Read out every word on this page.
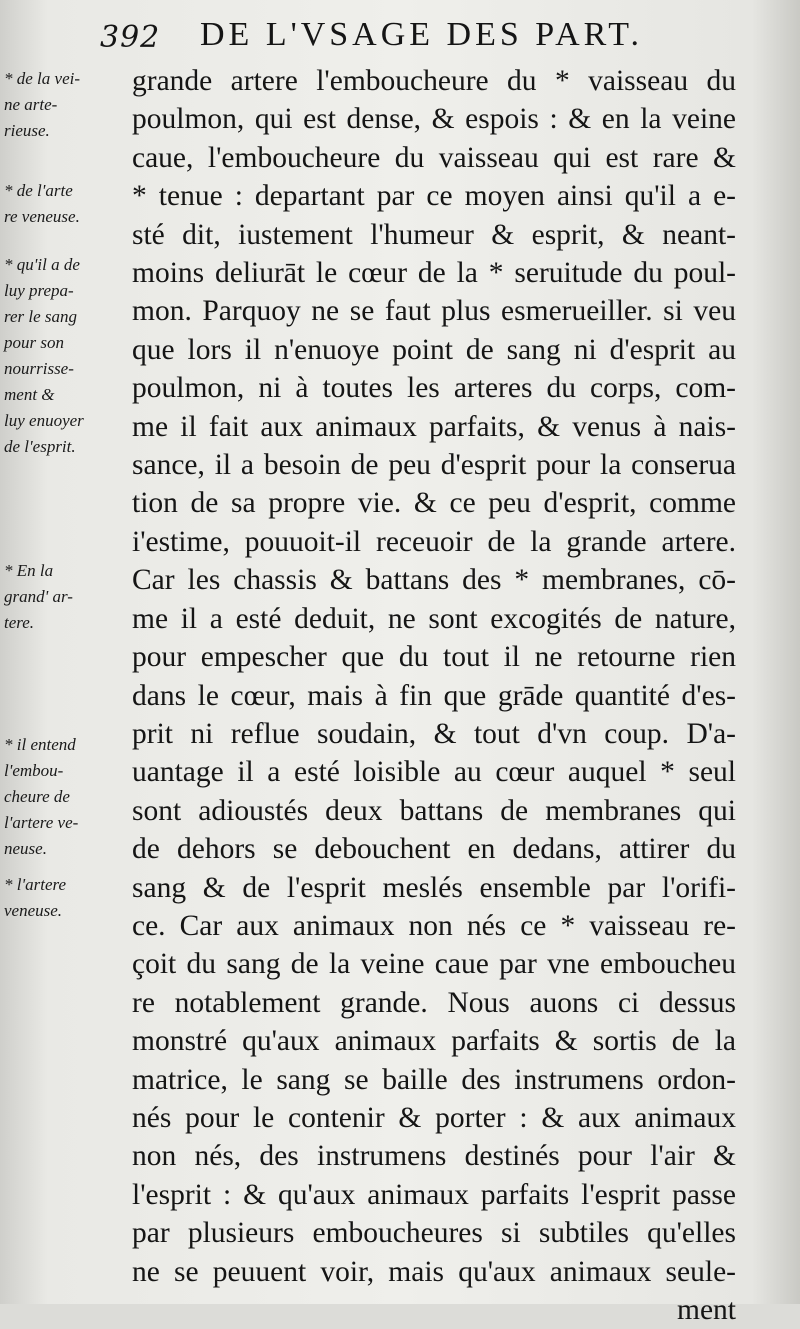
392 DE L'VSAGE DES PART.
* de la vei-
ne arte-
rieuse.
* de l'arte
re veneuse.
* qu'il a de
luy prepa-
rer le sang
pour son
nourrisse-
ment &
luy enuoyer
de l'esprit.
* En la
grand' ar-
tere.
* il entend
l'embou-
cheure de
l'artere ve-
neuse.
* l'artere
veneuse.
grande artere l'emboucheure du * vaisseau du
poulmon, qui est dense, & espois : & en la veine
caue, l'emboucheure du vaisseau qui est rare &
* tenue : departant par ce moyen ainsi qu'il a e-
sté dit, iustement l'humeur & esprit, & neant-
moins deliurāt le cœur de la * seruitude du poul-
mon. Parquoy ne se faut plus esmerueiller. si veu
que lors il n'enuoye point de sang ni d'esprit au
poulmon, ni à toutes les arteres du corps, com-
me il fait aux animaux parfaits, & venus à nais-
sance, il a besoin de peu d'esprit pour la conserua
tion de sa propre vie. & ce peu d'esprit, comme
i'estime, pouuoit-il receuoir de la grande artere.
Car les chassis & battans des * membranes, cō-
me il a esté deduit, ne sont excogités de nature,
pour empescher que du tout il ne retourne rien
dans le cœur, mais à fin que grāde quantité d'es-
prit ni reflue soudain, & tout d'vn coup. D'a-
uantage il a esté loisible au cœur auquel * seul
sont adioustés deux battans de membranes qui
de dehors se debouchent en dedans, attirer du
sang & de l'esprit meslés ensemble par l'orifi-
ce. Car aux animaux non nés ce * vaisseau re-
çoit du sang de la veine caue par vne emboucheu
re notablement grande. Nous auons ci dessus
monstré qu'aux animaux parfaits & sortis de la
matrice, le sang se baille des instrumens ordon-
nés pour le contenir & porter : & aux animaux
non nés, des instrumens destinés pour l'air &
l'esprit : & qu'aux animaux parfaits l'esprit passe
par plusieurs emboucheures si subtiles qu'elles
ne se peuuent voir, mais qu'aux animaux seule-
ment
